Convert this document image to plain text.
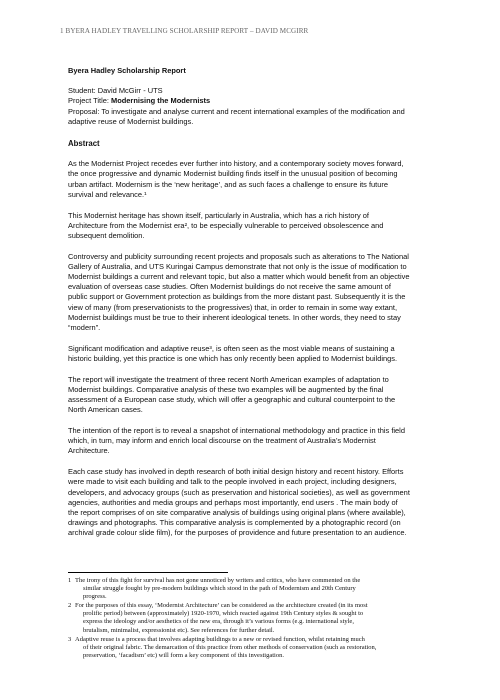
1 BYERA HADLEY TRAVELLING SCHOLARSHIP REPORT – DAVID MCGIRR

Byera Hadley Scholarship Report

Student: David McGirr - UTS

Project Title: Modernising the Modernists

Proposal: To investigate and analyse current and recent international examples of the modification and

adaptive reuse of Modernist buildings.

Abstract

As the Modernist Project recedes ever further into history, and a contemporary society moves forward,

the once progressive and dynamic Modernist building finds itself in the unusual position of becoming

urban artifact. Modernism is the ‘new heritage’, and as such faces a challenge to ensure its future

survival and relevance.¹

This Modernist heritage has shown itself, particularly in Australia, which has a rich history of

Architecture from the Modernist era², to be especially vulnerable to perceived obsolescence and

subsequent demolition.

Controversy and publicity surrounding recent projects and proposals such as alterations to The National

Gallery of Australia, and UTS Kuringai Campus demonstrate that not only is the issue of modification to

Modernist buildings a current and relevant topic, but also a matter which would benefit from an objective

evaluation of overseas case studies. Often Modernist buildings do not receive the same amount of

public support or Government protection as buildings from the more distant past. Subsequently it is the

view of many (from preservationists to the progressives) that, in order to remain in some way extant,

Modernist buildings must be true to their inherent ideological tenets. In other words, they need to stay

“modern”.

Significant modification and adaptive reuse³, is often seen as the most viable means of sustaining a

historic building, yet this practice is one which has only recently been applied to Modernist buildings.

The report will investigate the treatment of three recent North American examples of adaptation to

Modernist buildings. Comparative analysis of these two examples will be augmented by the final

assessment of a European case study, which will offer a geographic and cultural counterpoint to the

North American cases.

The intention of the report is to reveal a snapshot of international methodology and practice in this field

which, in turn, may inform and enrich local discourse on the treatment of Australia’s Modernist

Architecture.

Each case study has involved in depth research of both initial design history and recent history. Efforts

were made to visit each building and talk to the people involved in each project, including designers,

developers, and advocacy groups (such as preservation and historical societies), as well as government

agencies, authorities and media groups and perhaps most importantly, end users . The main body of

the report comprises of on site comparative analysis of buildings using original plans (where available),

drawings and photographs. This comparative analysis is complemented by a photographic record (on

archival grade colour slide film), for the purposes of providence and future presentation to an audience.

1 The irony of this fight for survival has not gone unnoticed by writers and critics, who have commented on the

similar struggle fought by pre-modern buildings which stood in the path of Modernism and 20th Century

progress.

2 For the purposes of this essay, ‘Modernist Architecture’ can be considered as the architecture created (in its most

prolific period) between (approximately) 1920-1970, which reacted against 19th Century styles & sought to

express the ideology and/or aesthetics of the new era, through it’s various forms (e.g. international style,

brutalism, minimalist, expressionist etc). See references for further detail.

3 Adaptive reuse is a process that involves adapting buildings to a new or revised function, whilst retaining much

of their original fabric. The demarcation of this practice from other methods of conservation (such as restoration,

preservation, ‘facadism’ etc) will form a key component of this investigation.
